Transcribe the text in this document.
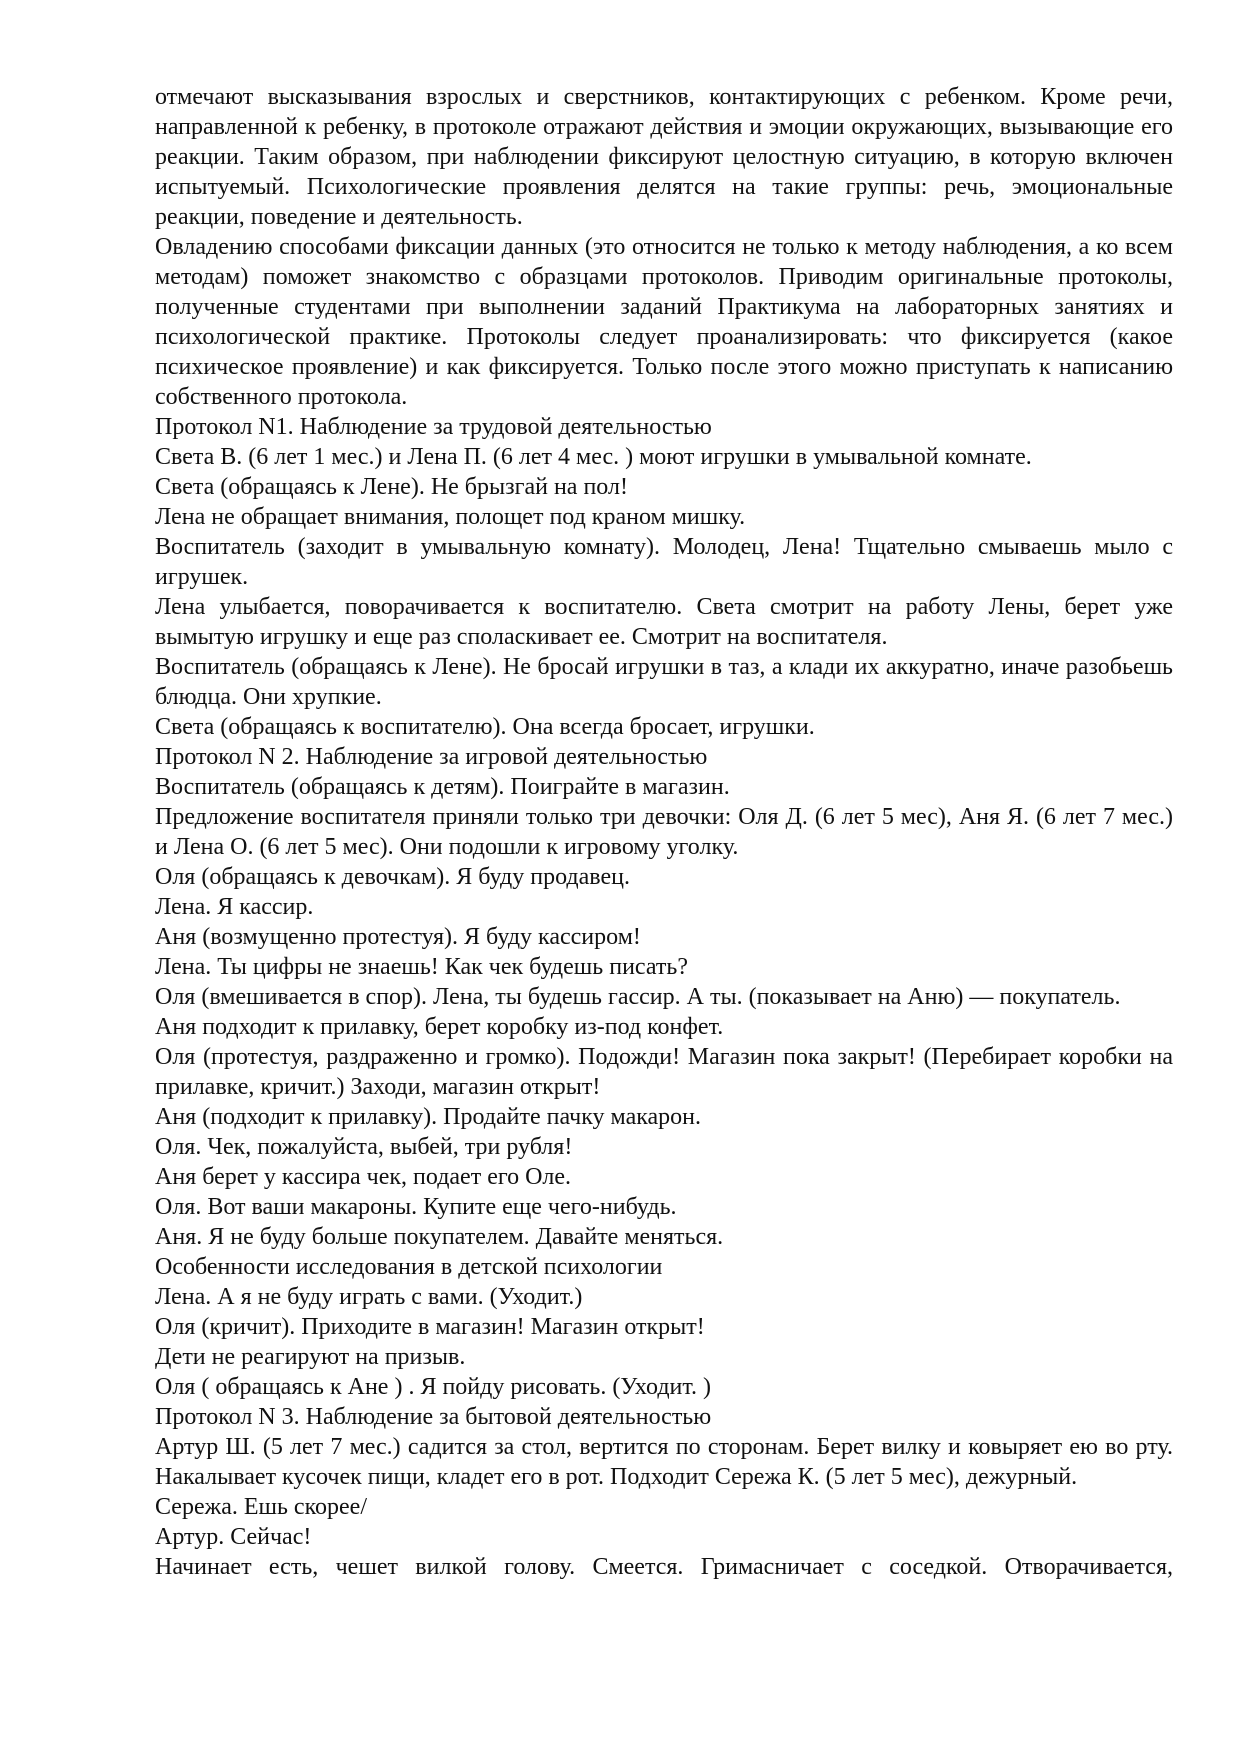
отмечают высказывания взрослых и сверстников, контактирующих с ребенком. Кроме речи, направленной к ребенку, в протоколе отражают действия и эмоции окружающих, вызывающие его реакции. Таким образом, при наблюдении фиксируют целостную ситуацию, в которую включен испытуемый. Психологические проявления делятся на такие группы: речь, эмоциональные реакции, поведение и деятельность.

Овладению способами фиксации данных (это относится не только к методу наблюдения, а ко всем методам) поможет знакомство с образцами протоколов. Приводим оригинальные протоколы, полученные студентами при выполнении заданий Практикума на лабораторных занятиях и психологической практике. Протоколы следует проанализировать: что фиксируется (какое психическое проявление) и как фиксируется. Только после этого можно приступать к написанию собственного протокола.

Протокол N1. Наблюдение за трудовой деятельностью

Света В. (6 лет 1 мес.) и Лена П. (6 лет 4 мес. ) моют игрушки в умывальной комнате.

Света (обращаясь к Лене). Не брызгай на пол!

Лена не обращает внимания, полощет под краном мишку.

Воспитатель (заходит в умывальную комнату). Молодец, Лена! Тщательно смываешь мыло с игрушек.

Лена улыбается, поворачивается к воспитателю. Света смотрит на работу Лены, берет уже вымытую игрушку и еще раз споласкивает ее. Смотрит на воспитателя.

Воспитатель (обращаясь к Лене). Не бросай игрушки в таз, а клади их аккуратно, иначе разобьешь блюдца. Они хрупкие.

Света (обращаясь к воспитателю). Она всегда бросает, игрушки.

Протокол N 2. Наблюдение за игровой деятельностью

Воспитатель (обращаясь к детям). Поиграйте в магазин.

Предложение воспитателя приняли только три девочки: Оля Д. (6 лет 5 мес), Аня Я. (6 лет 7 мес.) и Лена О. (6 лет 5 мес). Они подошли к игровому уголку.

Оля (обращаясь к девочкам). Я буду продавец.

Лена. Я кассир.

Аня (возмущенно протестуя). Я буду кассиром!

Лена. Ты цифры не знаешь! Как чек будешь писать?

Оля (вмешивается в спор). Лена, ты будешь гассир. А ты. (показывает на Аню) — покупатель.

Аня подходит к прилавку, берет коробку из-под конфет.

Оля (протестуя, раздраженно и громко). Подожди! Магазин пока закрыт! (Перебирает коробки на прилавке, кричит.) Заходи, магазин открыт!

Аня (подходит к прилавку). Продайте пачку макарон.

Оля. Чек, пожалуйста, выбей, три рубля!

Аня берет у кассира чек, подает его Оле.

Оля. Вот ваши макароны. Купите еще чего-нибудь.

Аня. Я не буду больше покупателем. Давайте меняться.

Особенности исследования в детской психологии

Лена. А я не буду играть с вами. (Уходит.)

Оля (кричит). Приходите в магазин! Магазин открыт!

Дети не реагируют на призыв.

Оля ( обращаясь к Ане ) . Я пойду рисовать. (Уходит. )

Протокол N 3. Наблюдение за бытовой деятельностью

Артур Ш. (5 лет 7 мес.) садится за стол, вертится по сторонам. Берет вилку и ковыряет ею во рту. Накалывает кусочек пищи, кладет его в рот. Подходит Сережа К. (5 лет 5 мес), дежурный.

Сережа. Ешь скорее/

Артур. Сейчас!

Начинает есть, чешет вилкой голову. Смеется. Гримасничает с соседкой. Отворачивается,
